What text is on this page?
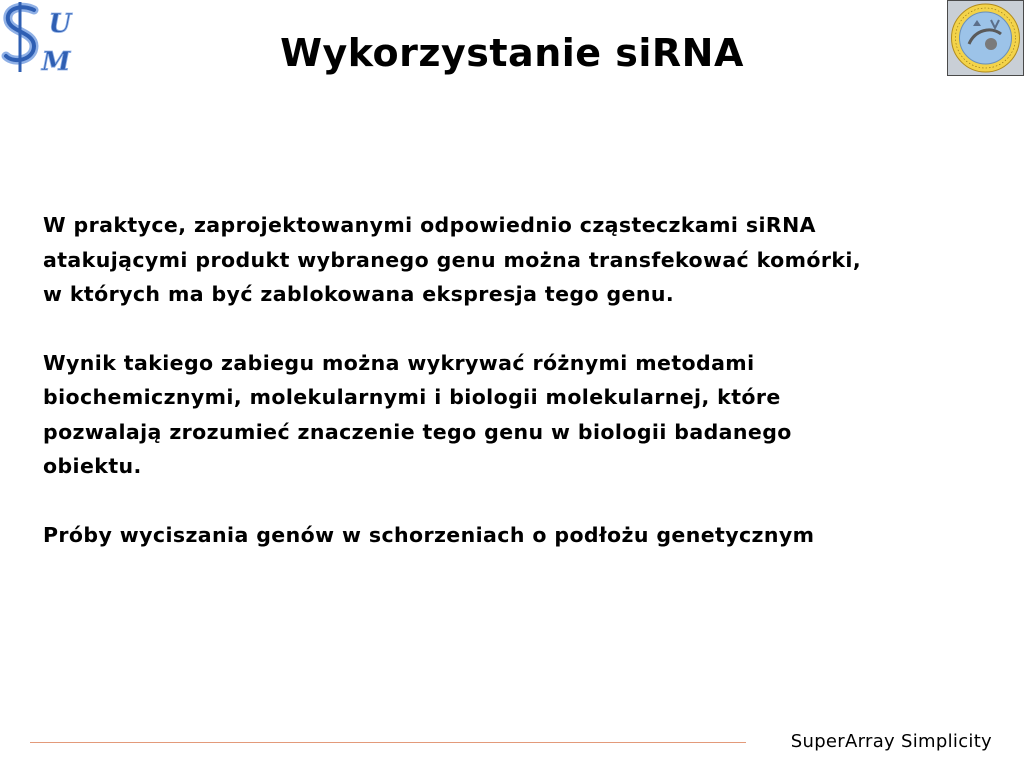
U
M	Wykorzystanie siRNA

W praktyce, zaprojektowanymi odpowiednio cząsteczkami siRNA
atakującymi produkt wybranego genu można transfekować komórki,
w których ma być zablokowana ekspresja tego genu.

Wynik takiego zabiegu można wykrywać różnymi metodami
biochemicznymi, molekularnymi i biologii molekularnej, które
pozwalają zrozumieć znaczenie tego genu w biologii badanego
obiektu.

Próby wyciszania genów w schorzeniach o podłożu genetycznym

SuperArray Simplicity
